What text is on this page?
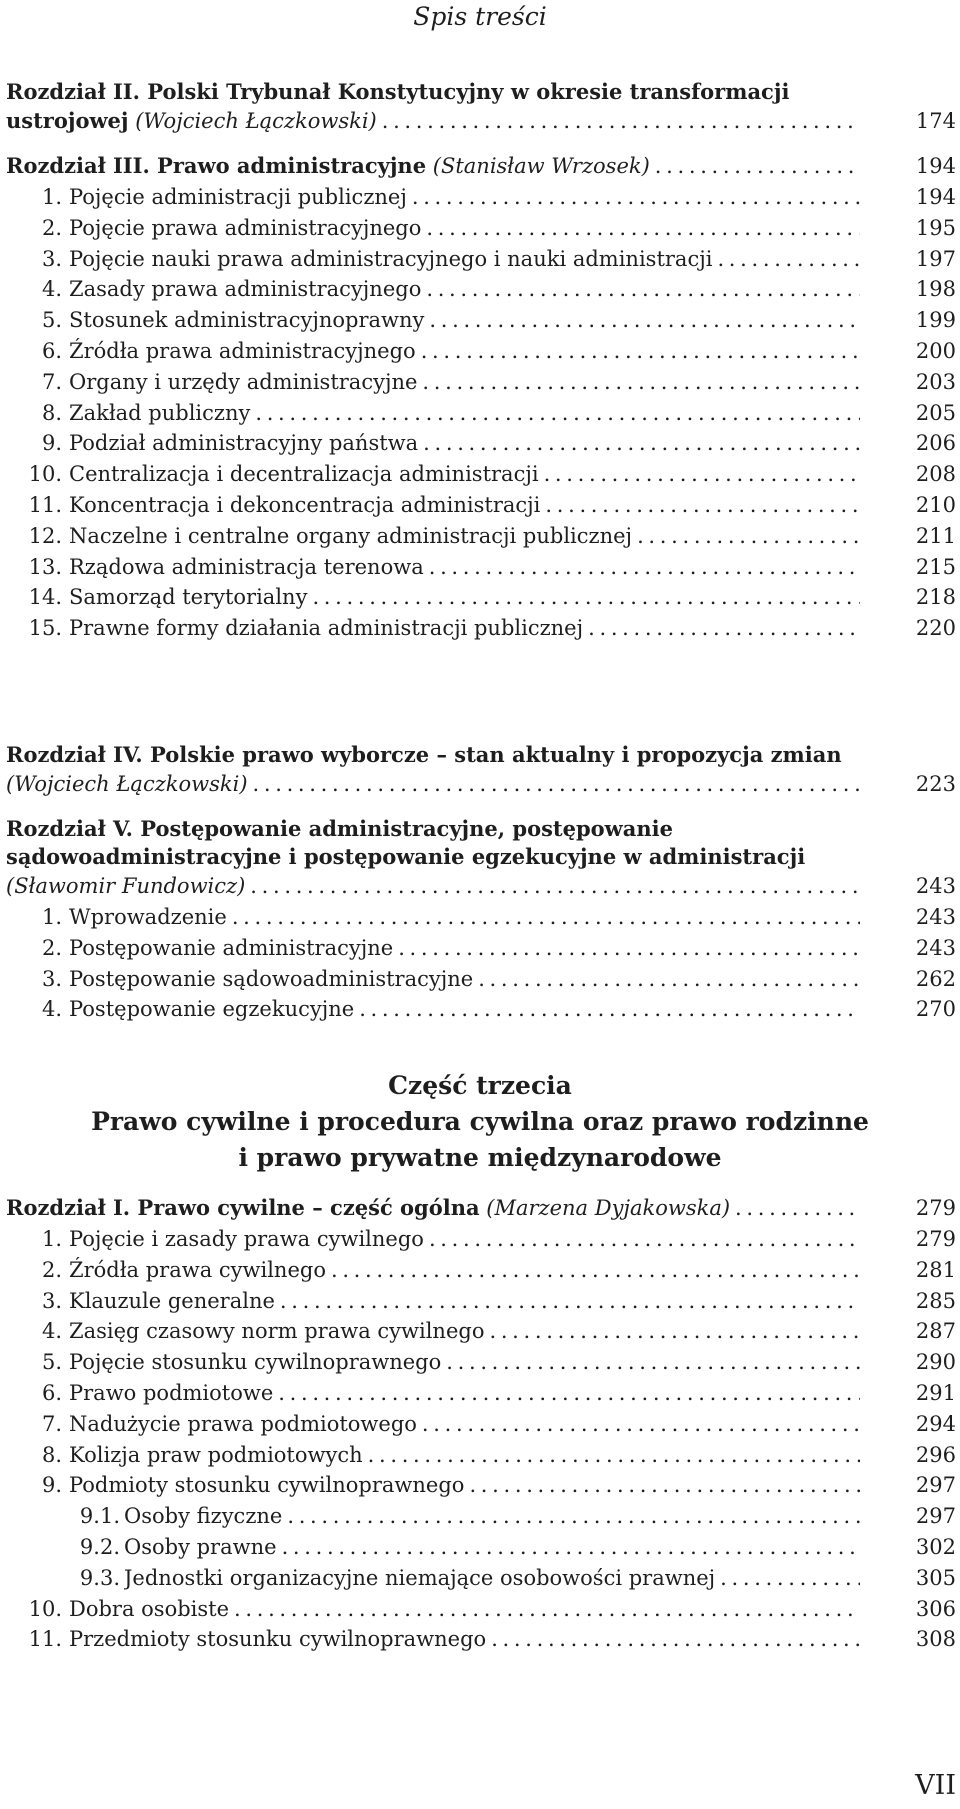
Spis treści
Rozdział II. Polski Trybunał Konstytucyjny w okresie transformacji
ustrojowej (Wojciech Łączkowski) . . .	174
Rozdział III. Prawo administracyjne (Stanisław Wrzosek) . . .	194
1. Pojęcie administracji publicznej . . .	194
2. Pojęcie prawa administracyjnego . . .	195
3. Pojęcie nauki prawa administracyjnego i nauki administracji . . .	197
4. Zasady prawa administracyjnego . . .	198
5. Stosunek administracyjnoprawny . . .	199
6. Źródła prawa administracyjnego . . .	200
7. Organy i urzędy administracyjne . . .	203
8. Zakład publiczny . . .	205
9. Podział administracyjny państwa . . .	206
10. Centralizacja i decentralizacja administracji . . .	208
11. Koncentracja i dekoncentracja administracji . . .	210
12. Naczelne i centralne organy administracji publicznej . . .	211
13. Rządowa administracja terenowa . . .	215
14. Samorząd terytorialny . . .	218
15. Prawne formy działania administracji publicznej . . .	220
Rozdział IV. Polskie prawo wyborcze – stan aktualny i propozycja zmian
(Wojciech Łączkowski) . . .	223
Rozdział V. Postępowanie administracyjne, postępowanie
sądowoadministracyjne i postępowanie egzekucyjne w administracji
(Sławomir Fundowicz) . . .	243
1. Wprowadzenie . . .	243
2. Postępowanie administracyjne . . .	243
3. Postępowanie sądowoadministracyjne . . .	262
4. Postępowanie egzekucyjne . . .	270
Część trzecia
Prawo cywilne i procedura cywilna oraz prawo rodzinne
i prawo prywatne międzynarodowe
Rozdział I. Prawo cywilne – część ogólna (Marzena Dyjakowska) . . .	279
1. Pojęcie i zasady prawa cywilnego . . .	279
2. Źródła prawa cywilnego . . .	281
3. Klauzule generalne . . .	285
4. Zasięg czasowy norm prawa cywilnego . . .	287
5. Pojęcie stosunku cywilnoprawnego . . .	290
6. Prawo podmiotowe . . .	291
7. Nadużycie prawa podmiotowego . . .	294
8. Kolizja praw podmiotowych . . .	296
9. Podmioty stosunku cywilnoprawnego . . .	297
9.1. Osoby fizyczne . . .	297
9.2. Osoby prawne . . .	302
9.3. Jednostki organizacyjne niemające osobowości prawnej . . .	305
10. Dobra osobiste . . .	306
11. Przedmioty stosunku cywilnoprawnego . . .	308
VII
